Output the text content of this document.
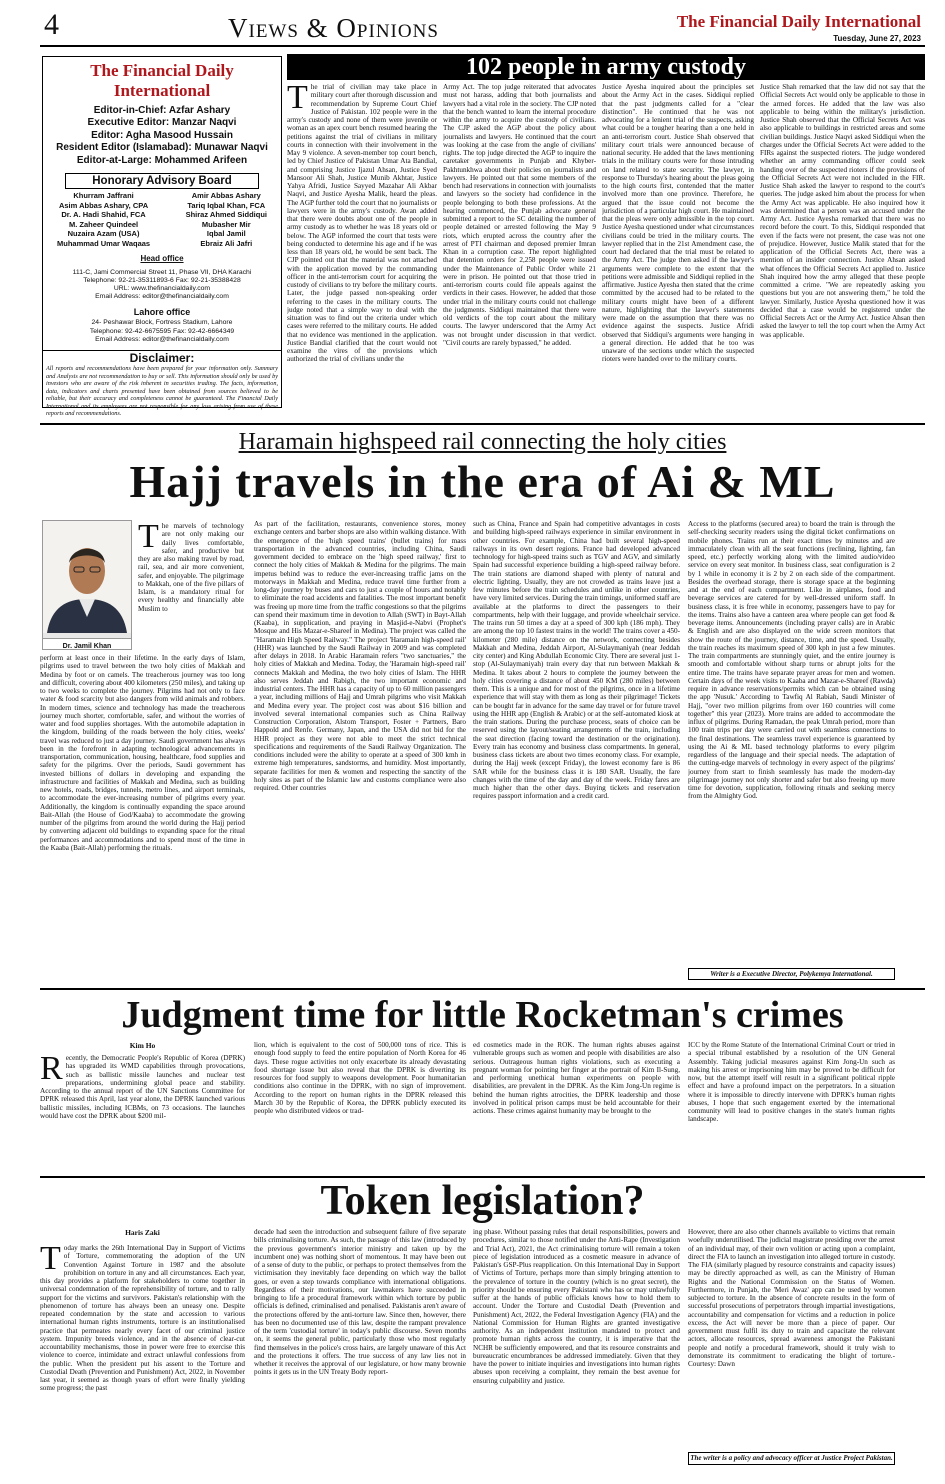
4	Views & Opinions	The Financial Daily International
Tuesday, June 27, 2023
The Financial Daily International
Editor-in-Chief: Azfar Ashary
Executive Editor: Manzar Naqvi
Editor: Agha Masood Hussain
Resident Editor (Islamabad): Munawar Naqvi
Editor-at-Large: Mohammed Arifeen
Honorary Advisory Board
Khurram Jaffrani
Asim Abbas Ashary, CPA
Dr. A. Hadi Shahid, FCA
M. Zaheer Quindeel
Nuzaira Azam (USA)
Muhammad Umar Waqaas
Amir Abbas Ashary
Tariq Iqbal Khan, FCA
Shiraz Ahmed Siddiqui
Mubasher Mir
Iqbal Jamil
Ebraiz Ali Jafri
Head office
111-C, Jami Commercial Street 11, Phase VII, DHA Karachi
Telephone: 92-21-35311893-6 Fax: 92-21-35388428
URL: www.thefinancialdaily.com
Email Address: editor@thefinancialdaily.com
Lahore office
24- Peshawar Block, Fortress Stadium, Lahore
Telephone: 92-42-6675595 Fax: 92-42-6664349
Email Address: editor@thefinancialdaily.com
Disclaimer:
All reports and recommendations have been prepared for your information only. Summary and Analysis are not recommendation to buy or sell. This information should only be used by investors who are aware of the risk inherent in securities trading. The facts, information, data, indicators and charts presented have been obtained from sources believed to be reliable, but their accuracy and completeness cannot be guaranteed. The Financial Daily International and its employees are not responsible for any loss arising from use of these reports and recommendations.
102 people in army custody
The trial of civilian may take place in military court after thorough discussion and recommendation by Supreme Court Chief Justice of Pakistan. 102 people were in the army's custody and none of them were juvenile or woman as an apex court bench resumed hearing the petitions against the trial of civilians in military courts in connection with their involvement in the May 9 violence. A seven-member top court bench, led by Chief Justice of Pakistan Umar Ata Bandial, and comprising Justice Ijazul Ahsan, Justice Syed Mansoor Ali Shah, Justice Munib Akhtar, Justice Yahya Afridi, Justice Sayyed Mazahar Ali Akbar Naqvi, and Justice Ayesha Malik, heard the pleas. The AGP further told the court that no journalists or lawyers were in the army's custody. Awan added that there were doubts about one of the people in army custody as to whether he was 18 years old or below. The AGP informed the court that tests were being conducted to determine his age and if he was less than 18 years old, he would be sent back. The CJP pointed out that the material was not attached with the application moved by the commanding officer in the anti-terrorism court for acquiring the custody of civilians to try before the military courts. Later, the judge passed non-speaking order referring to the cases in the military courts. The judge noted that a simple way to deal with the situation was to find out the criteria under which cases were referred to the military courts. He added that no evidence was mentioned in the application. Justice Bandial clarified that the court would not examine the vires of the provisions which authorized the trial of civilians under the
Army Act. The top judge reiterated that advocates must not harass, adding that both journalists and lawyers had a vital role in the society. The CJP noted that the bench wanted to learn the internal procedure within the army to acquire the custody of civilians. The CJP asked the AGP about the policy about journalists and lawyers. He continued that the court was looking at the case from the angle of civilians' rights. The top judge directed the AGP to inquire the caretaker governments in Punjab and Khyber-Pakhtunkhwa about their policies on journalists and lawyers. He pointed out that some members of the bench had reservations in connection with journalists and lawyers so the society had confidence in the people belonging to both these professions. At the hearing commenced, the Punjab advocate general submitted a report to the SC detailing the number of people detained or arrested following the May 9 riots, which erupted across the country after the arrest of PTI chairman and deposed premier Imran Khan in a corruption case. The report highlighted that detention orders for 2,258 people were issued under the Maintenance of Public Order while 21 were in prison. He pointed out that those tried in anti-terrorism courts could file appeals against the verdicts in their cases. However, he added that those under trial in the military courts could not challenge the judgments. Siddiqui maintained that there were old verdicts of the top court about the military courts. The lawyer underscored that the Army Act was not brought under discussion in that verdict. "Civil courts are rarely bypassed," he added.
Justice Ayesha inquired about the principles set about the Army Act in the cases. Siddiqui replied that the past judgments called for a "clear distinction". He continued that he was not advocating for a lenient trial of the suspects, asking what could be a tougher hearing than a one held in an anti-terrorism court. Justice Shah observed that military court trials were announced because of national security. He added that the laws mentioning trials in the military courts were for those intruding on land related to state security. The lawyer, in response to Thursday's hearing about the pleas going to the high courts first, contended that the matter involved more than one province. Therefore, he argued that the issue could not become the jurisdiction of a particular high court. He maintained that the pleas were only admissible in the top court. Justice Ayesha questioned under what circumstances civilians could be tried in the military courts. The lawyer replied that in the 21st Amendment case, the court had declared that the trial must be related to the Army Act. The judge then asked if the lawyer's arguments were complete to the extent that the petitions were admissible and Siddiqui replied in the affirmative. Justice Ayesha then stated that the crime committed by the accused had to be related to the military courts might have been of a different nature, highlighting that the lawyer's statements were made on the assumption that there was no evidence against the suspects. Justice Afridi observed that Siddiqui's arguments were hanging in a general direction. He added that he too was unaware of the sections under which the suspected rioters were handed over to the military courts.
Justice Shah remarked that the law did not say that the Official Secrets Act would only be applicable to those in the armed forces. He added that the law was also applicable to being within the military's jurisdiction. Justice Shah observed that the Official Secrets Act was also applicable to buildings in restricted areas and some civilian buildings. Justice Naqvi asked Siddiqui when the charges under the Official Secrets Act were added to the FIRs against the suspected rioters. The judge wondered whether an army commanding officer could seek handing over of the suspected rioters if the provisions of the Official Secrets Act were not included in the FIR. Justice Shah asked the lawyer to respond to the court's queries. The judge asked him about the process for when the Army Act was applicable. He also inquired how it was determined that a person was an accused under the Army Act. Justice Ayesha remarked that there was no record before the court. To this, Siddiqui responded that even if the facts were not present, the case was not one of prejudice. However, Justice Malik stated that for the application of the Official Secrets Act, there was a mention of an insider connection. Justice Ahsan asked what offences the Official Secrets Act applied to. Justice Shah inquired how the army alleged that these people committed a crime. "We are repeatedly asking you questions but you are not answering them," he told the lawyer. Similarly, Justice Ayesha questioned how it was decided that a case would be registered under the Official Secrets Act or the Army Act. Justice Ahsan then asked the lawyer to tell the top court when the Army Act was applicable.
Haramain highspeed rail connecting the holy cities
Hajj travels in the era of Ai & ML
Dr. Jamil Khan
The marvels of technology are not only making our daily lives comfortable, safer, and productive but they are also making travel by road, rail, sea, and air more convenient, safer, and enjoyable. The pilgrimage to Makkah, one of the five pillars of Islam, is a mandatory ritual for every healthy and financially able Muslim to
perform at least once in their lifetime. In the early days of Islam, pilgrims used to travel between the two holy cities of Makkah and Medina by foot or on camels. The treacherous journey was too long and difficult, covering about 400 kilometers (250 miles), and taking up to two weeks to complete the journey. Pilgrims had not only to face water & food scarcity but also dangers from wild animals and robbers. In modern times, science and technology has made the treacherous journey much shorter, comfortable, safer, and without the worries of water and food supplies shortages. With the automobile adaptation in the kingdom, building of the roads between the holy cities, weeks' travel was reduced to just a day journey. Saudi government has always been in the forefront in adapting technological advancements in transportation, communication, housing, healthcare, food supplies and safety for the pilgrims. Over the periods, Saudi government has invested billions of dollars in developing and expanding the infrastructure and facilities of Makkah and Medina, such as building new hotels, roads, bridges, tunnels, metro lines, and airport terminals, to accommodate the ever-increasing number of pilgrims every year. Additionally, the kingdom is continually expanding the space around Bait-Allah (the House of God/Kaaba) to accommodate the growing number of the pilgrims from around the world during the Hajj period by converting adjacent old buildings to expanding space for the ritual performances and accommodations and to spend most of the time in the Kaaba (Bait-Allah) performing the rituals.
As part of the facilitation, restaurants, convenience stores, money exchange centers and barber shops are also within walking distance. With the emergence of the 'high speed trains' (bullet trains) for mass transportation in the advanced countries, including China, Saudi government decided to embrace on the 'high speed railway,' first to connect the holy cities of Makkah & Medina for the pilgrims. The main impetus behind was to reduce the ever-increasing traffic jams on the motorways in Makkah and Medina, reduce travel time further from a long-day journey by buses and cars to just a couple of hours and notably to eliminate the road accidents and fatalities. The most important benefit was freeing up more time from the traffic congestions so that the pilgrims can spend their maximum time in devotion to Allah (SWT) in Bayt-Allah (Kaaba), in supplication, and praying in Masjid-e-Nabvi (Prophet's Mosque and His Mazar-e-Shareef in Medina). The project was called the "Haramain High Speed Railway." The project 'Haramain high-speed rail' (HHR) was launched by the Saudi Railway in 2009 and was completed after delays in 2018. In Arabic Haramain refers "two sanctuaries," the holy cities of Makkah and Medina. Today, the 'Haramain high-speed rail' connects Makkah and Medina, the two holy cities of Islam. The HHR also serves Jeddah and Rabigh, the two important economic and industrial centers. The HHR has a capacity of up to 60 million passengers a year, including millions of Hajj and Umrah pilgrims who visit Makkah and Medina every year. The project cost was about $16 billion and involved several international companies such as China Railway Construction Corporation, Alstom Transport, Foster + Partners, Baro Happold and Renfe. Germany, Japan, and the USA did not bid for the HHR project as they were not able to meet the strict technical specifications and requirements of the Saudi Railway Organization. The conditions included were the ability to operate at a speed of 300 kmh in extreme high temperatures, sandstorms, and humidity. Most importantly, separate facilities for men & women and respecting the sanctity of the holy sites as part of the Islamic law and customs compliance were also required. Other countries
such as China, France and Spain had competitive advantages in costs and building high-speed railways experience in similar environment in other countries. For example, China had built several high-speed railways in its own desert regions. France had developed advanced technology for high-speed trains such as TGV and AGV, and similarly Spain had successful experience building a high-speed railway before. The train stations are diamond shaped with plenty of natural and electric lighting. Usually, they are not crowded as trains leave just a few minutes before the train schedules and unlike in other countries, have very limited services. During the train timings, uniformed staff are available at the platforms to direct the passengers to their compartments, help with their luggage, and provide wheelchair service. The trains run 50 times a day at a speed of 300 kph (186 mph). They are among the top 10 fastest trains in the world! The trains cover a 450-kilometer (280 mile) distance on the network, connecting besides Makkah and Medina, Jeddah Airport, Al-Sulaymaniyah (near Jeddah city center) and King Abdullah Economic City. There are several just 1-stop (Al-Sulaymaniyah) train every day that run between Makkah & Medina. It takes about 2 hours to complete the journey between the holy cities covering a distance of about 450 KM (280 miles) between them. This is a unique and for most of the pilgrims, once in a lifetime experience that will stay with them as long as their pilgrimage! Tickets can be bought far in advance for the same day travel or for future travel using the HHR app (English & Arabic) or at the self-automated kiosk at the train stations. During the purchase process, seats of choice can be reserved using the layout/seating arrangements of the train, including the seat direction (facing toward the destination or the origination). Every train has economy and business class compartments. In general, business class tickets are about two times economy class. For example, during the Hajj week (except Friday), the lowest economy fare is 86 SAR while for the business class it is 180 SAR. Usually, the fare changes with the time of the day and day of the week. Friday fares are much higher than the other days. Buying tickets and reservation requires passport information and a credit card.
Access to the platforms (secured area) to board the train is through the self-checking security readers using the digital ticket confirmations on mobile phones. Trains run at their exact times by minutes and are immaculately clean with all the seat functions (reclining, lighting, fan speed, etc.) perfectly working along with the limited audio/video service on every seat monitor. In business class, seat configuration is 2 by 1 while in economy it is 2 by 2 on each side of the compartment. Besides the overhead storage, there is storage space at the beginning and at the end of each compartment. Like in airplanes, food and beverage services are catered for by well-dressed uniform staff. In business class, it is free while in economy, passengers have to pay for the items. Trains also have a canteen area where people can get food & beverage items. Announcements (including prayer calls) are in Arabic & English and are also displayed on the wide screen monitors that show the route of the journey, distance, time, and the speed. Usually, the train reaches its maximum speed of 300 kph in just a few minutes. The train compartments are stunningly quiet, and the entire journey is smooth and comfortable without sharp turns or abrupt jolts for the entire time. The trains have separate prayer areas for men and women. Certain days of the week visits to Kaaba and Mazar-e-Shareef (Rawda) require in advance reservations/permits which can be obtained using the app 'Nusuk.' According to Tawfiq Al Rabiah, Saudi Minister of Hajj, "over two million pilgrims from over 160 countries will come together" this year (2023). More trains are added to accommodate the influx of pilgrims. During Ramadan, the peak Umrah period, more than 100 train trips per day were carried out with seamless connections to the final destinations. The seamless travel experience is guaranteed by using the Ai & ML based technology platforms to every pilgrim regardless of the language and their special needs. The adaptation of the cutting-edge marvels of technology in every aspect of the pilgrims' journey from start to finish seamlessly has made the modern-day pilgrimage journey not only shorter and safer but also freeing up more time for devotion, supplication, following rituals and seeking mercy from the Almighty God.
Writer is a Executive Director, Polykemya International.
Judgment time for little Rocketman's crimes
Kim Ho
Recently, the Democratic People's Republic of Korea (DPRK) has upgraded its WMD capabilities through provocations, such as ballistic missile launches and nuclear test preparations, undermining global peace and stability. According to the annual report of the UN Sanctions Committee for DPRK released this April, last year alone, the DPRK launched various ballistic missiles, including ICBMs, on 73 occasions. The launches would have cost the DPRK about $200 mil-
lion, which is equivalent to the cost of 500,000 tons of rice. This is enough food supply to feed the entire population of North Korea for 46 days. These rogue activities not only exacerbate its already devastating food shortage issue but also reveal that the DPRK is diverting its resources for food supply to weapons development. Poor humanitarian conditions also continue in the DPRK, with no sign of improvement. According to the report on human rights in the DPRK released this March 30 by the Republic of Korea, the DPRK publicly executed its people who distributed videos or trad-
ed cosmetics made in the ROK. The human rights abuses against vulnerable groups such as women and people with disabilities are also serious. Outrageous human rights violations, such as executing a pregnant woman for pointing her finger at the portrait of Kim Il-Sung, and performing unethical human experiments on people with disabilities, are prevalent in the DPRK. As the Kim Jong-Un regime is behind the human rights atrocities, the DPRK leadership and those involved in political prison camps must be held accountable for their actions. These crimes against humanity may be brought to the
ICC by the Rome Statute of the International Criminal Court or tried in a special tribunal established by a resolution of the UN General Assembly. Taking judicial measures against Kim Jong-Un such as making his arrest or imprisoning him may be proved to be difficult for now, but the attempt itself will result in a significant political ripple effect and have a profound impact on the perpetrators. In a situation where it is impossible to directly intervene with DPRK's human rights abuses, I hope that such engagement exerted by the international community will lead to positive changes in the state's human rights landscape.
Token legislation?
Haris Zaki
Today marks the 26th International Day in Support of Victims of Torture, commemorating the adoption of the UN Convention Against Torture in 1987 and the absolute prohibition on torture in any and all circumstances. Each year, this day provides a platform for stakeholders to come together in universal condemnation of the reprehensibility of torture, and to rally support for the victims and survivors. Pakistan's relationship with the phenomenon of torture has always been an uneasy one. Despite repeated condemnation by the state and accession to various international human rights instruments, torture is an institutionalised practice that permeates nearly every facet of our criminal justice system. Impunity breeds violence, and in the absence of clear-cut accountability mechanisms, those in power were free to exercise this violence to coerce, intimidate and extract unlawful confessions from the public. When the president put his assent to the Torture and Custodial Death (Prevention and Punishment) Act, 2022, in November last year, it seemed as though years of effort were finally yielding some progress; the past
decade had seen the introduction and subsequent failure of five separate bills criminalising torture. As such, the passage of this law (introduced by the previous government's interior ministry and taken up by the incumbent one) was nothing short of momentous. It may have been out of a sense of duty to the public, or perhaps to protect themselves from the victimisation they inevitably face depending on which way the ballot goes, or even a step towards compliance with international obligations. Regardless of their motivations, our lawmakers have succeeded in bringing to life a procedural framework within which torture by public officials is defined, criminalised and penalised. Pakistanis aren't aware of the protections offered by the anti-torture law. Since then, however, there has been no documented use of this law, despite the rampant prevalence of the term 'custodial torture' in today's public discourse. Seven months on, it seems the general public, particularly those who most regularly find themselves in the police's cross hairs, are largely unaware of this Act and the protections it offers. The true success of any law lies not in whether it receives the approval of our legislature, or how many brownie points it gets us in the UN Treaty Body report-
ing phase. Without passing rules that detail responsibilities, powers and procedures, similar to those notified under the Anti-Rape (Investigation and Trial Act), 2021, the Act criminalising torture will remain a token piece of legislation introduced as a cosmetic measure in advance of Pakistan's GSP-Plus reapplication. On this International Day in Support of Victims of Torture, perhaps more than simply bringing attention to the prevalence of torture in the country (which is no great secret), the priority should be ensuring every Pakistani who has or may unlawfully suffer at the hands of public officials knows how to hold them to account. Under the Torture and Custodial Death (Prevention and Punishment) Act, 2022, the Federal Investigation Agency (FIA) and the National Commission for Human Rights are granted investigative authority. As an independent institution mandated to protect and promote human rights across the country, it is imperative that the NCHR be sufficiently empowered, and that its resource constraints and bureaucratic encumbrances be addressed immediately. Given that they have the power to initiate inquiries and investigations into human rights abuses upon receiving a complaint, they remain the best avenue for ensuring culpability and justice.
However, there are also other channels available to victims that remain woefully underutilised. The judicial magistrate presiding over the arrest of an individual may, of their own volition or acting upon a complaint, direct the FIA to launch an investigation into alleged torture in custody. The FIA (similarly plagued by resource constraints and capacity issues) may be directly approached as well, as can the Ministry of Human Rights and the National Commission on the Status of Women. Furthermore, in Punjab, the 'Meri Awaz' app can be used by women subjected to torture. In the absence of concrete results in the form of successful prosecutions of perpetrators through impartial investigations, accountability and compensation for victims and a reduction in police excess, the Act will never be more than a piece of paper. Our government must fulfil its duty to train and capacitate the relevant actors, allocate resources, spread awareness amongst the Pakistani people and notify a procedural framework, should it truly wish to demonstrate its commitment to eradicating the blight of torture.-Courtesy: Dawn
The writer is a policy and advocacy officer at Justice Project Pakistan.
